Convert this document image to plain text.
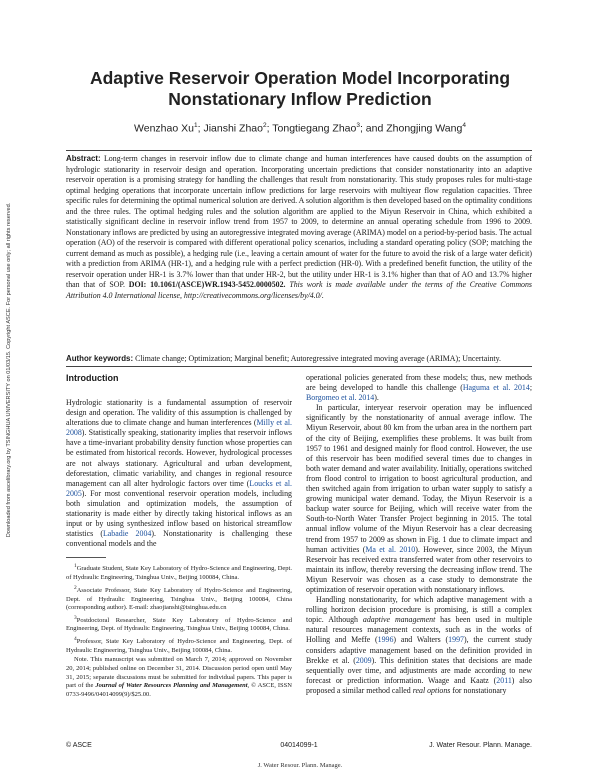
Downloaded from ascelibrary.org by TSINGHUA UNIVERSITY on 01/03/15. Copyright ASCE. For personal use only; all rights reserved.
Adaptive Reservoir Operation Model Incorporating
Nonstationary Inflow Prediction
Wenzhao Xu$^1$; Jianshi Zhao$^2$; Tongtiegang Zhao$^3$; and Zhongjing Wang$^4$
Abstract: Long-term changes in reservoir inflow due to climate change and human interferences have caused doubts on the assumption of hydrologic stationarity in reservoir design and operation. Incorporating uncertain predictions that consider nonstationarity into an adaptive reservoir operation is a promising strategy for handling the challenges that result from nonstationarity. This study proposes rules for multi-stage optimal hedging operations that incorporate uncertain inflow predictions for large reservoirs with multiyear flow regulation capacities. Three specific rules for determining the optimal numerical solution are derived. A solution algorithm is then developed based on the optimality conditions and the three rules. The optimal hedging rules and the solution algorithm are applied to the Miyun Reservoir in China, which exhibited a statistically significant decline in reservoir inflow trend from 1957 to 2009, to determine an annual operating schedule from 1996 to 2009. Nonstationary inflows are predicted by using an autoregressive integrated moving average (ARIMA) model on a period-by-period basis. The actual operation (AO) of the reservoir is compared with different operational policy scenarios, including a standard operating policy (SOP; matching the current demand as much as possible), a hedging rule (i.e., leaving a certain amount of water for the future to avoid the risk of a large water deficit) with a prediction from ARIMA (HR-1), and a hedging rule with a perfect prediction (HR-0). With a predefined benefit function, the utility of the reservoir operation under HR-1 is 3.7% lower than that under HR-2, but the utility under HR-1 is 3.1% higher than that of AO and 13.7% higher than that of SOP. DOI: 10.1061/(ASCE)WR.1943-5452.0000502. This work is made available under the terms of the Creative Commons Attribution 4.0 International license, http://creativecommons.org/licenses/by/4.0/.
Author keywords: Climate change; Optimization; Marginal benefit; Autoregressive integrated moving average (ARIMA); Uncertainty.
Introduction

Hydrologic stationarity is a fundamental assumption of reservoir design and operation. The validity of this assumption is challenged by alterations due to climate change and human interferences (Milly et al. 2008). Statistically speaking, stationarity implies that reservoir inflows have a time-invariant probability density function whose properties can be estimated from historical records. However, hydrological processes are not always stationary. Agricultural and urban development, deforestation, climatic variability, and changes in regional resource management can all alter hydrologic factors over time (Loucks et al. 2005). For most conventional reservoir operation models, including both simulation and optimization models, the assumption of stationarity is made either by directly taking historical inflows as an input or by using synthesized inflow based on historical streamflow statistics (Labadie 2004). Nonstationarity is challenging these conventional models and the

$^1$Graduate Student, State Key Laboratory of Hydro-Science and Engineering, Dept. of Hydraulic Engineering, Tsinghua Univ., Beijing 100084, China.

$^2$Associate Professor, State Key Laboratory of Hydro-Science and Engineering, Dept. of Hydraulic Engineering, Tsinghua Univ., Beijing 100084, China (corresponding author). E-mail: zhaojianshi@tsinghua.edu.cn

$^3$Postdoctoral Researcher, State Key Laboratory of Hydro-Science and Engineering, Dept. of Hydraulic Engineering, Tsinghua Univ., Beijing 100084, China.

$^4$Professor, State Key Laboratory of Hydro-Science and Engineering, Dept. of Hydraulic Engineering, Tsinghua Univ., Beijing 100084, China.

Note. This manuscript was submitted on March 7, 2014; approved on November 20, 2014; published online on December 31, 2014. Discussion period open until May 31, 2015; separate discussions must be submitted for individual papers. This paper is part of the Journal of Water Resources Planning and Management, © ASCE, ISSN 0733-9496/04014099(9)/$25.00.

operational policies generated from these models; thus, new methods are being developed to handle this challenge (Haguma et al. 2014; Borgomeo et al. 2014).

In particular, interyear reservoir operation may be influenced significantly by the nonstationarity of annual average inflow. The Miyun Reservoir, about 80 km from the urban area in the northern part of the city of Beijing, exemplifies these problems. It was built from 1957 to 1961 and designed mainly for flood control. However, the use of this reservoir has been modified several times due to changes in both water demand and water availability. Initially, operations switched from flood control to irrigation to boost agricultural production, and then switched again from irrigation to urban water supply to satisfy a growing municipal water demand. Today, the Miyun Reservoir is a backup water source for Beijing, which will receive water from the South-to-North Water Transfer Project beginning in 2015. The total annual inflow volume of the Miyun Reservoir has a clear decreasing trend from 1957 to 2009 as shown in Fig. 1 due to climate impact and human activities (Ma et al. 2010). However, since 2003, the Miyun Reservoir has received extra transferred water from other reservoirs to maintain its inflow, thereby reversing the decreasing inflow trend. The Miyun Reservoir was chosen as a case study to demonstrate the optimization of reservoir operation with nonstationary inflows.

Handling nonstationarity, for which adaptive management with a rolling horizon decision procedure is promising, is still a complex topic. Although adaptive management has been used in multiple natural resources management contexts, such as in the works of Holling and Meffe (1996) and Walters (1997), the current study considers adaptive management based on the definition provided in Brekke et al. (2009). This definition states that decisions are made sequentially over time, and adjustments are made according to new forecast or prediction information. Waage and Kaatz (2011) also proposed a similar method called real options for nonstationary

© ASCE	04014099-1	J. Water Resour. Plann. Manage.
J. Water Resour. Plann. Manage.
